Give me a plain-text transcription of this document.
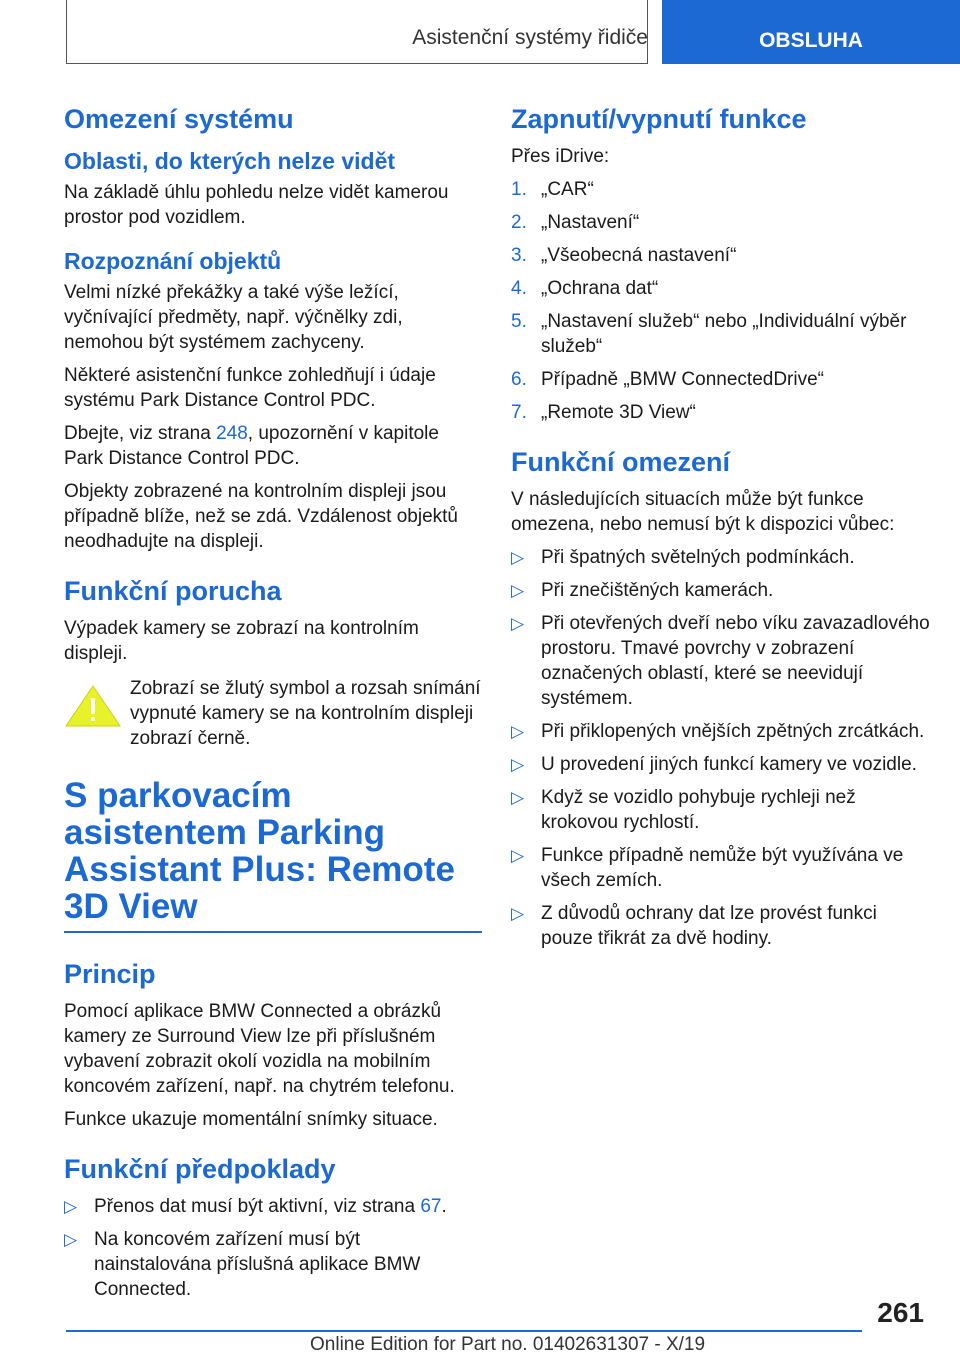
Asistenční systémy řidiče	OBSLUHA
Omezení systému
Oblasti, do kterých nelze vidět

Na základě úhlu pohledu nelze vidět kamerou prostor pod vozidlem.

Rozpoznání objektů

Velmi nízké překážky a také výše ležící, vyčnívající předměty, např. výčnělky zdi, nemohou být systémem zachyceny.

Některé asistenční funkce zohledňují i údaje systému Park Distance Control PDC.

Dbejte, viz strana 248, upozornění v kapitole Park Distance Control PDC.

Objekty zobrazené na kontrolním displeji jsou případně blíže, než se zdá. Vzdálenost objektů neodhadujte na displeji.

Funkční porucha

Výpadek kamery se zobrazí na kontrolním displeji.

Zobrazí se žlutý symbol a rozsah snímání vypnuté kamery se na kontrolním displeji zobrazí černě.

S parkovacím asistentem Parking Assistant Plus: Remote 3D View
Princip

Pomocí aplikace BMW Connected a obrázků kamery ze Surround View lze při příslušném vybavení zobrazit okolí vozidla na mobilním koncovém zařízení, např. na chytrém telefonu.

Funkce ukazuje momentální snímky situace.

Funkční předpoklady
▷ Přenos dat musí být aktivní, viz strana 67.
▷ Na koncovém zařízení musí být nainstalována příslušná aplikace BMW Connected.
Zapnutí/vypnutí funkce

Přes iDrive:

1. „CAR“
2. „Nastavení“
3. „Všeobecná nastavení“
4. „Ochrana dat“
5. „Nastavení služeb“ nebo „Individuální výběr služeb“
6. Případně „BMW ConnectedDrive“
7. „Remote 3D View“
Funkční omezení

V následujících situacích může být funkce omezena, nebo nemusí být k dispozici vůbec:

▷ Při špatných světelných podmínkách.
▷ Při znečištěných kamerách.
▷ Při otevřených dveří nebo víku zavazadlového prostoru. Tmavé povrchy v zobrazení označených oblastí, které se neevidují systémem.
▷ Při přiklopených vnějších zpětných zrcátkách.
▷ U provedení jiných funkcí kamery ve vozidle.
▷ Když se vozidlo pohybuje rychleji než krokovou rychlostí.
▷ Funkce případně nemůže být využívána ve všech zemích.
▷ Z důvodů ochrany dat lze provést funkci pouze třikrát za dvě hodiny.
261
Online Edition for Part no. 01402631307 - X/19
